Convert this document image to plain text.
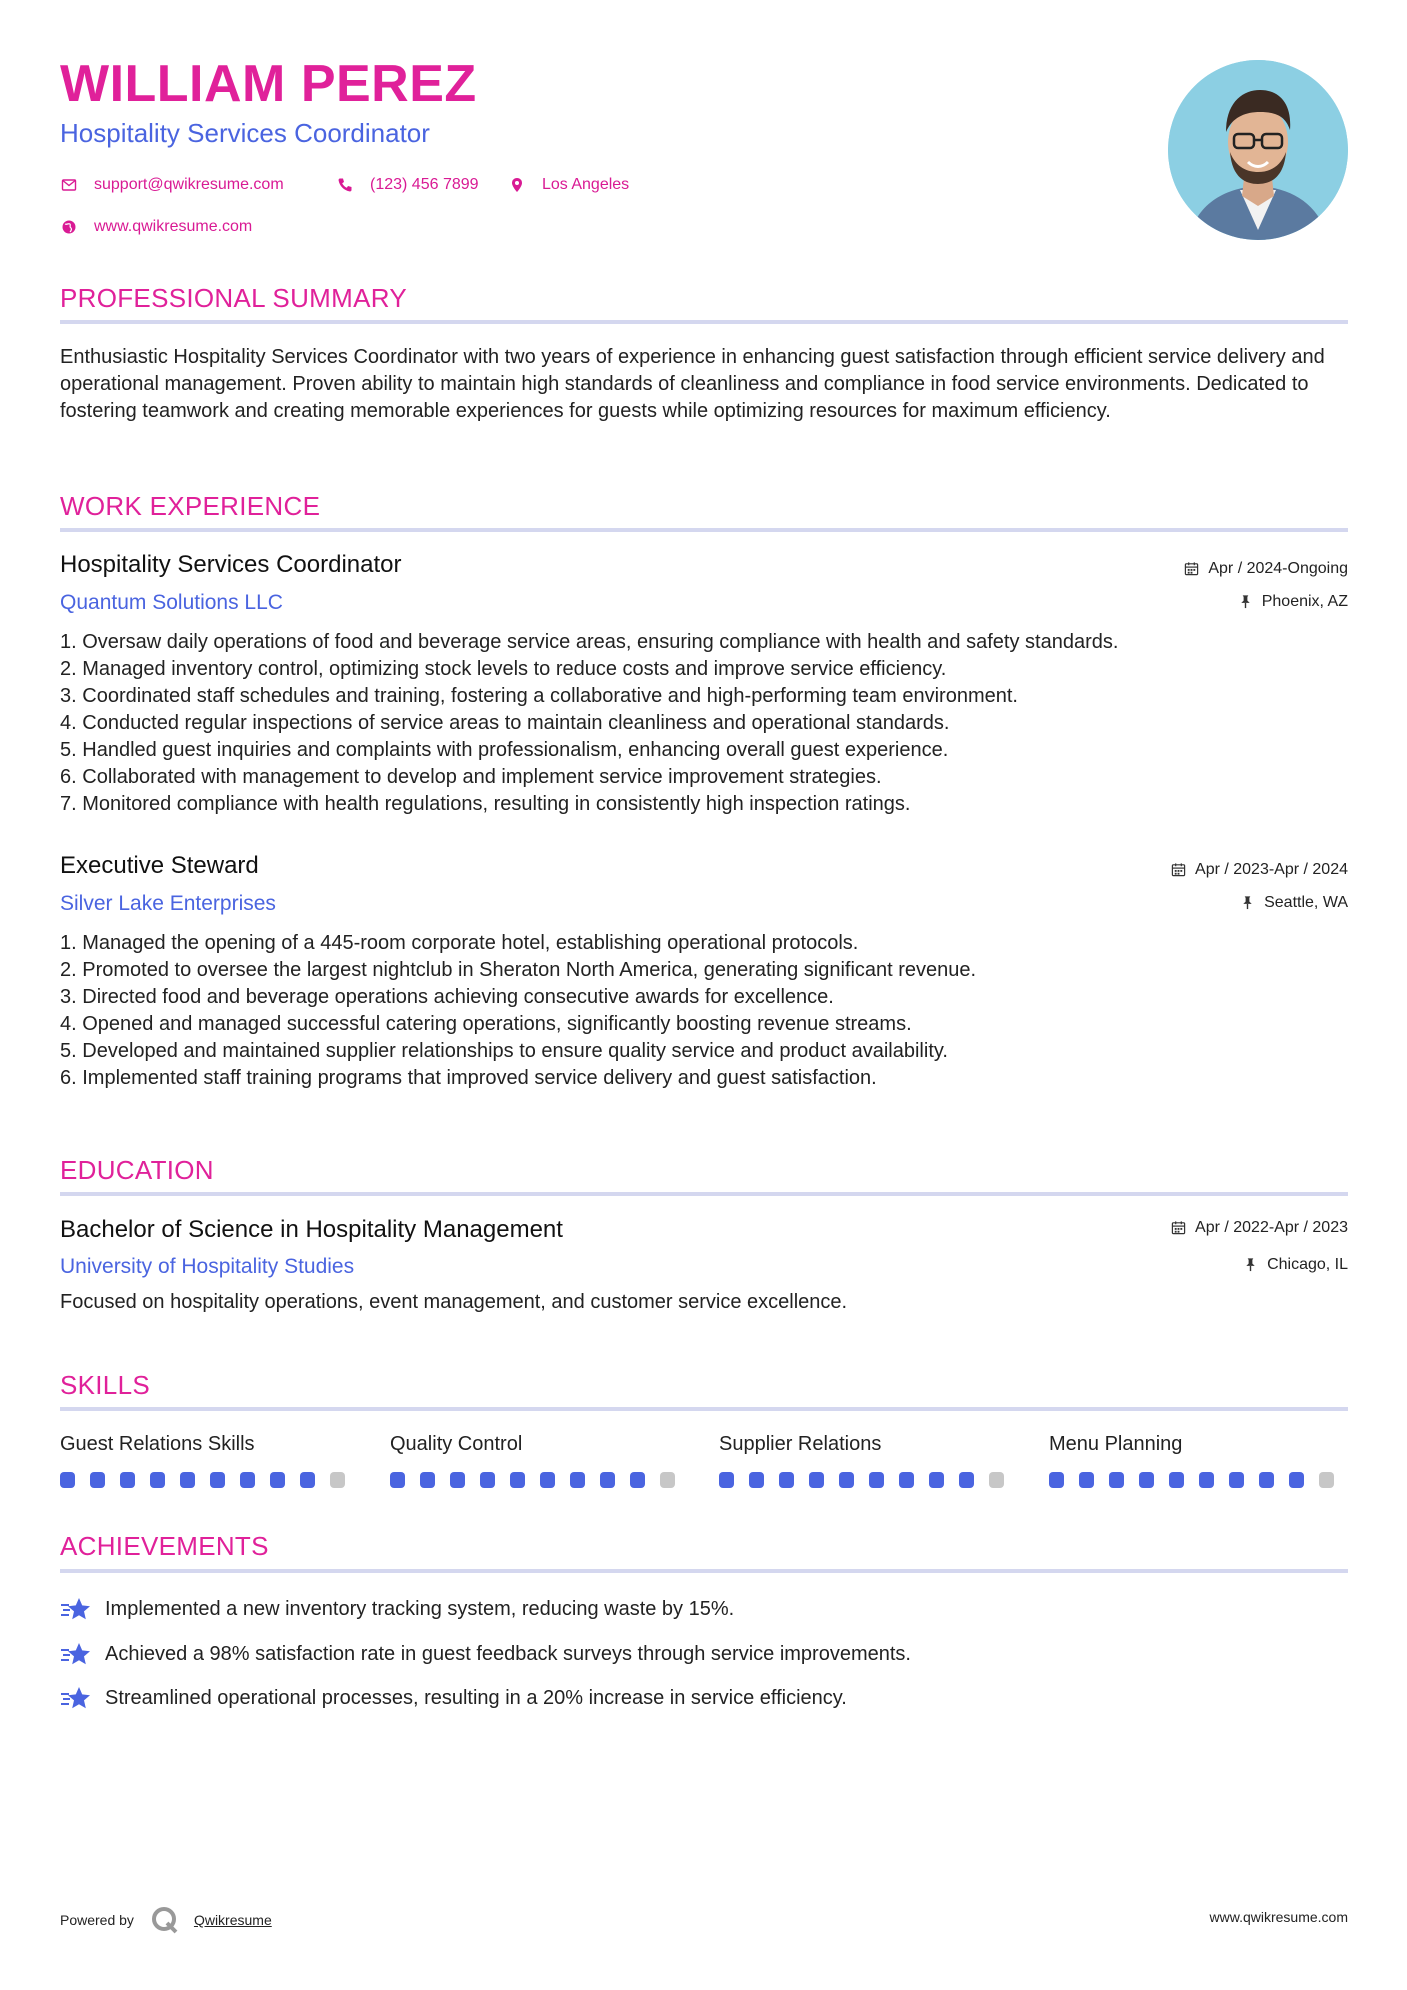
WILLIAM PEREZ
Hospitality Services Coordinator
support@qwikresume.com	(123) 456 7899	Los Angeles
www.qwikresume.com
PROFESSIONAL SUMMARY

Enthusiastic Hospitality Services Coordinator with two years of experience in enhancing guest satisfaction through efficient service delivery and operational management. Proven ability to maintain high standards of cleanliness and compliance in food service environments. Dedicated to fostering teamwork and creating memorable experiences for guests while optimizing resources for maximum efficiency.

WORK EXPERIENCE
Hospitality Services Coordinator
Quantum Solutions LLC
Apr / 2024-Ongoing
Phoenix, AZ
Oversaw daily operations of food and beverage service areas, ensuring compliance with health and safety standards.
Managed inventory control, optimizing stock levels to reduce costs and improve service efficiency.
Coordinated staff schedules and training, fostering a collaborative and high-performing team environment.
Conducted regular inspections of service areas to maintain cleanliness and operational standards.
Handled guest inquiries and complaints with professionalism, enhancing overall guest experience.
Collaborated with management to develop and implement service improvement strategies.
Monitored compliance with health regulations, resulting in consistently high inspection ratings.
Executive Steward
Silver Lake Enterprises
Apr / 2023-Apr / 2024
Seattle, WA
Managed the opening of a 445-room corporate hotel, establishing operational protocols.
Promoted to oversee the largest nightclub in Sheraton North America, generating significant revenue.
Directed food and beverage operations achieving consecutive awards for excellence.
Opened and managed successful catering operations, significantly boosting revenue streams.
Developed and maintained supplier relationships to ensure quality service and product availability.
Implemented staff training programs that improved service delivery and guest satisfaction.
EDUCATION
Bachelor of Science in Hospitality Management
University of Hospitality Studies
Apr / 2022-Apr / 2023
Chicago, IL

Focused on hospitality operations, event management, and customer service excellence.

SKILLS
Guest Relations Skills	Quality Control	Supplier Relations	Menu Planning
ACHIEVEMENTS
Implemented a new inventory tracking system, reducing waste by 15%.
Achieved a 98% satisfaction rate in guest feedback surveys through service improvements.
Streamlined operational processes, resulting in a 20% increase in service efficiency.
Powered by	Qwikresume	www.qwikresume.com
